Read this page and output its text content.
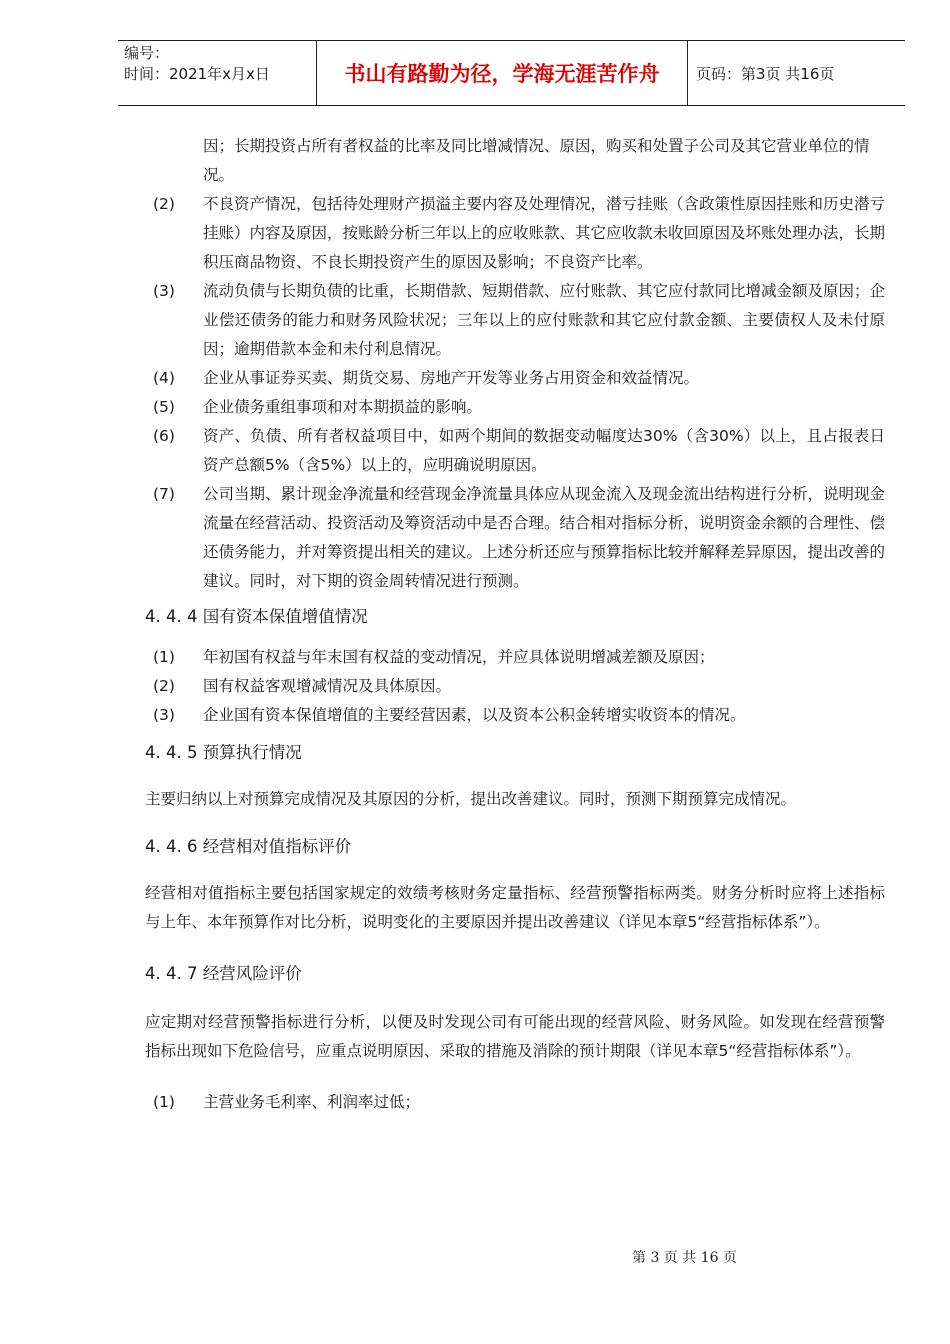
编号：
时间：2021年x月x日	书山有路勤为径，学海无涯苦作舟	页码：第3页 共16页
因；长期投资占所有者权益的比率及同比增减情况、原因，购买和处置子公司及其它营业单位的情况。
(2)	不良资产情况，包括待处理财产损溢主要内容及处理情况，潜亏挂账（含政策性原因挂账和历史潜亏挂账）内容及原因，按账龄分析三年以上的应收账款、其它应收款未收回原因及坏账处理办法，长期积压商品物资、不良长期投资产生的原因及影响；不良资产比率。
(3)	流动负债与长期负债的比重，长期借款、短期借款、应付账款、其它应付款同比增减金额及原因；企业偿还债务的能力和财务风险状况；三年以上的应付账款和其它应付款金额、主要债权人及未付原因；逾期借款本金和未付利息情况。
(4)	企业从事证券买卖、期货交易、房地产开发等业务占用资金和效益情况。
(5)	企业债务重组事项和对本期损益的影响。
(6)	资产、负债、所有者权益项目中，如两个期间的数据变动幅度达30%（含30%）以上，且占报表日资产总额5%（含5%）以上的，应明确说明原因。
(7)	公司当期、累计现金净流量和经营现金净流量具体应从现金流入及现金流出结构进行分析，说明现金流量在经营活动、投资活动及筹资活动中是否合理。结合相对指标分析，说明资金余额的合理性、偿还债务能力，并对筹资提出相关的建议。上述分析还应与预算指标比较并解释差异原因，提出改善的建议。同时，对下期的资金周转情况进行预测。
4. 4. 4 国有资本保值增值情况
(1)	年初国有权益与年末国有权益的变动情况，并应具体说明增减差额及原因；
(2)	国有权益客观增减情况及具体原因。
(3)	企业国有资本保值增值的主要经营因素，以及资本公积金转增实收资本的情况。
4. 4. 5 预算执行情况
主要归纳以上对预算完成情况及其原因的分析，提出改善建议。同时，预测下期预算完成情况。
4. 4. 6 经营相对值指标评价
经营相对值指标主要包括国家规定的效绩考核财务定量指标、经营预警指标两类。财务分析时应将上述指标与上年、本年预算作对比分析，说明变化的主要原因并提出改善建议（详见本章5“经营指标体系”）。
4. 4. 7 经营风险评价
应定期对经营预警指标进行分析，以便及时发现公司有可能出现的经营风险、财务风险。如发现在经营预警指标出现如下危险信号，应重点说明原因、采取的措施及消除的预计期限（详见本章5“经营指标体系”）。
(1)	主营业务毛利率、利润率过低；
第 3 页 共 16 页
